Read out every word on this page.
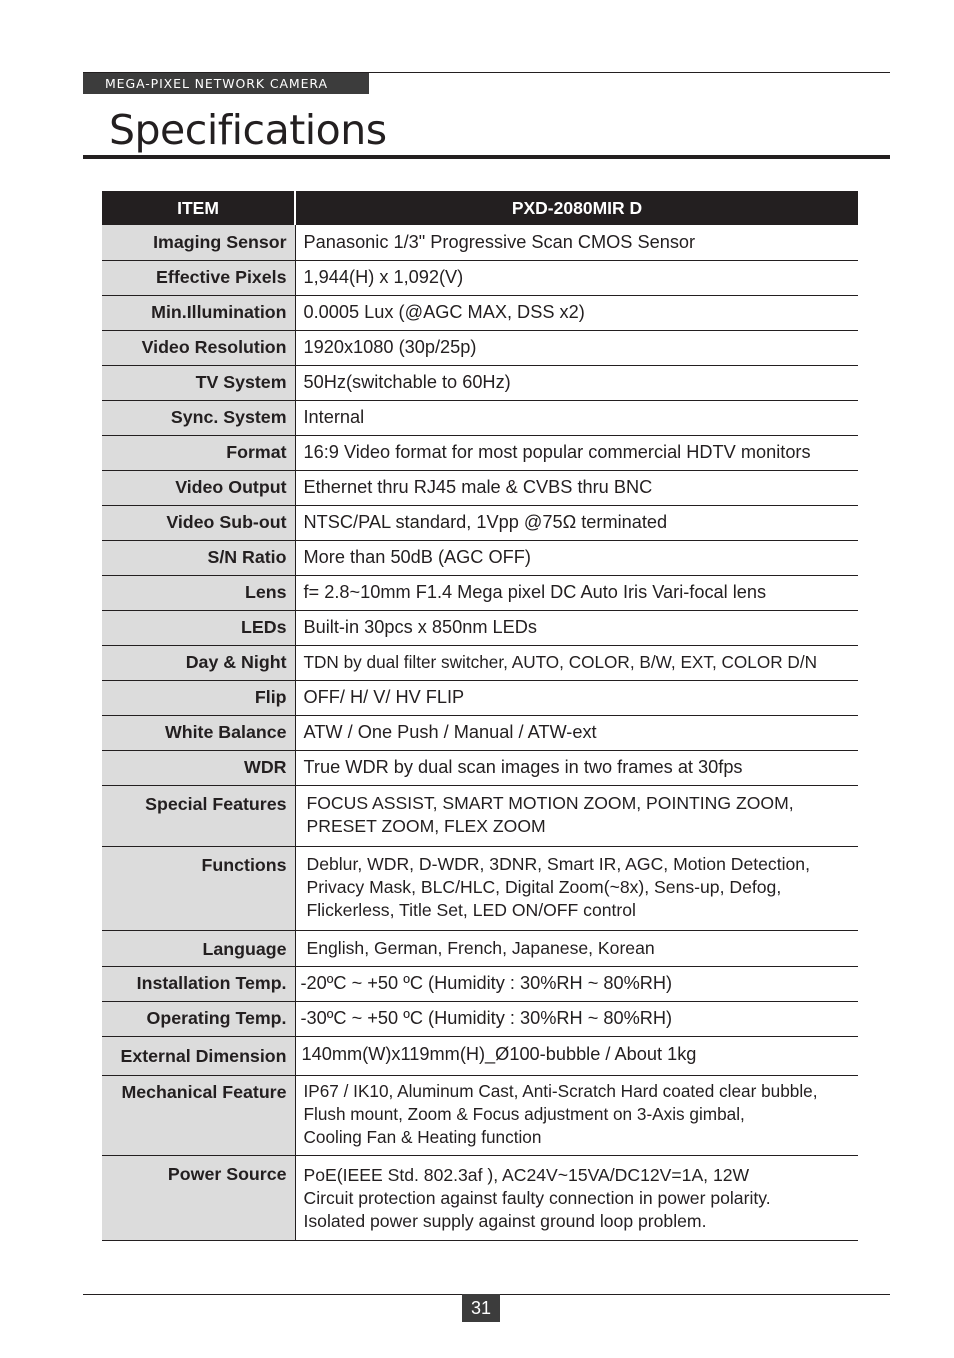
MEGA-PIXEL NETWORK CAMERA
Specifications
ITEM	PXD-2080MIR D
Imaging Sensor	Panasonic 1/3" Progressive Scan CMOS Sensor
Effective Pixels	1,944(H) x 1,092(V)
Min.Illumination	0.0005 Lux (@AGC MAX, DSS x2)
Video Resolution	1920x1080 (30p/25p)
TV System	50Hz(switchable to 60Hz)
Sync. System	Internal
Format	16:9 Video format for most popular commercial HDTV monitors
Video Output	Ethernet thru RJ45 male & CVBS thru BNC
Video Sub-out	NTSC/PAL standard, 1Vpp @75Ω terminated
S/N Ratio	More than 50dB (AGC OFF)
Lens	f= 2.8~10mm F1.4 Mega pixel DC Auto Iris Vari-focal lens
LEDs	Built-in 30pcs x 850nm LEDs
Day & Night	TDN by dual filter switcher, AUTO, COLOR, B/W, EXT, COLOR D/N
Flip	OFF/ H/ V/ HV FLIP
White Balance	ATW / One Push / Manual / ATW-ext
WDR	True WDR by dual scan images in two frames at 30fps
Special Features	FOCUS ASSIST, SMART MOTION ZOOM, POINTING ZOOM,
PRESET ZOOM, FLEX ZOOM

Functions	Deblur, WDR, D-WDR, 3DNR, Smart IR, AGC, Motion Detection,
Privacy Mask, BLC/HLC, Digital Zoom(~8x), Sens-up, Defog,
Flickerless, Title Set, LED ON/OFF control

Language	English, German, French, Japanese, Korean
Installation Temp.	-20ºC ~ +50 ºC (Humidity : 30%RH ~ 80%RH)
Operating Temp.	-30ºC ~ +50 ºC (Humidity : 30%RH ~ 80%RH)
External Dimension	140mm(W)x119mm(H)_Ø100-bubble / About 1kg
Mechanical Feature	IP67 / IK10, Aluminum Cast, Anti-Scratch Hard coated clear bubble,
Flush mount, Zoom & Focus adjustment on 3-Axis gimbal,
Cooling Fan & Heating function

Power Source	PoE(IEEE Std. 802.3af ), AC24V~15VA/DC12V=1A, 12W
Circuit protection against faulty connection in power polarity.
Isolated power supply against ground loop problem.
31
